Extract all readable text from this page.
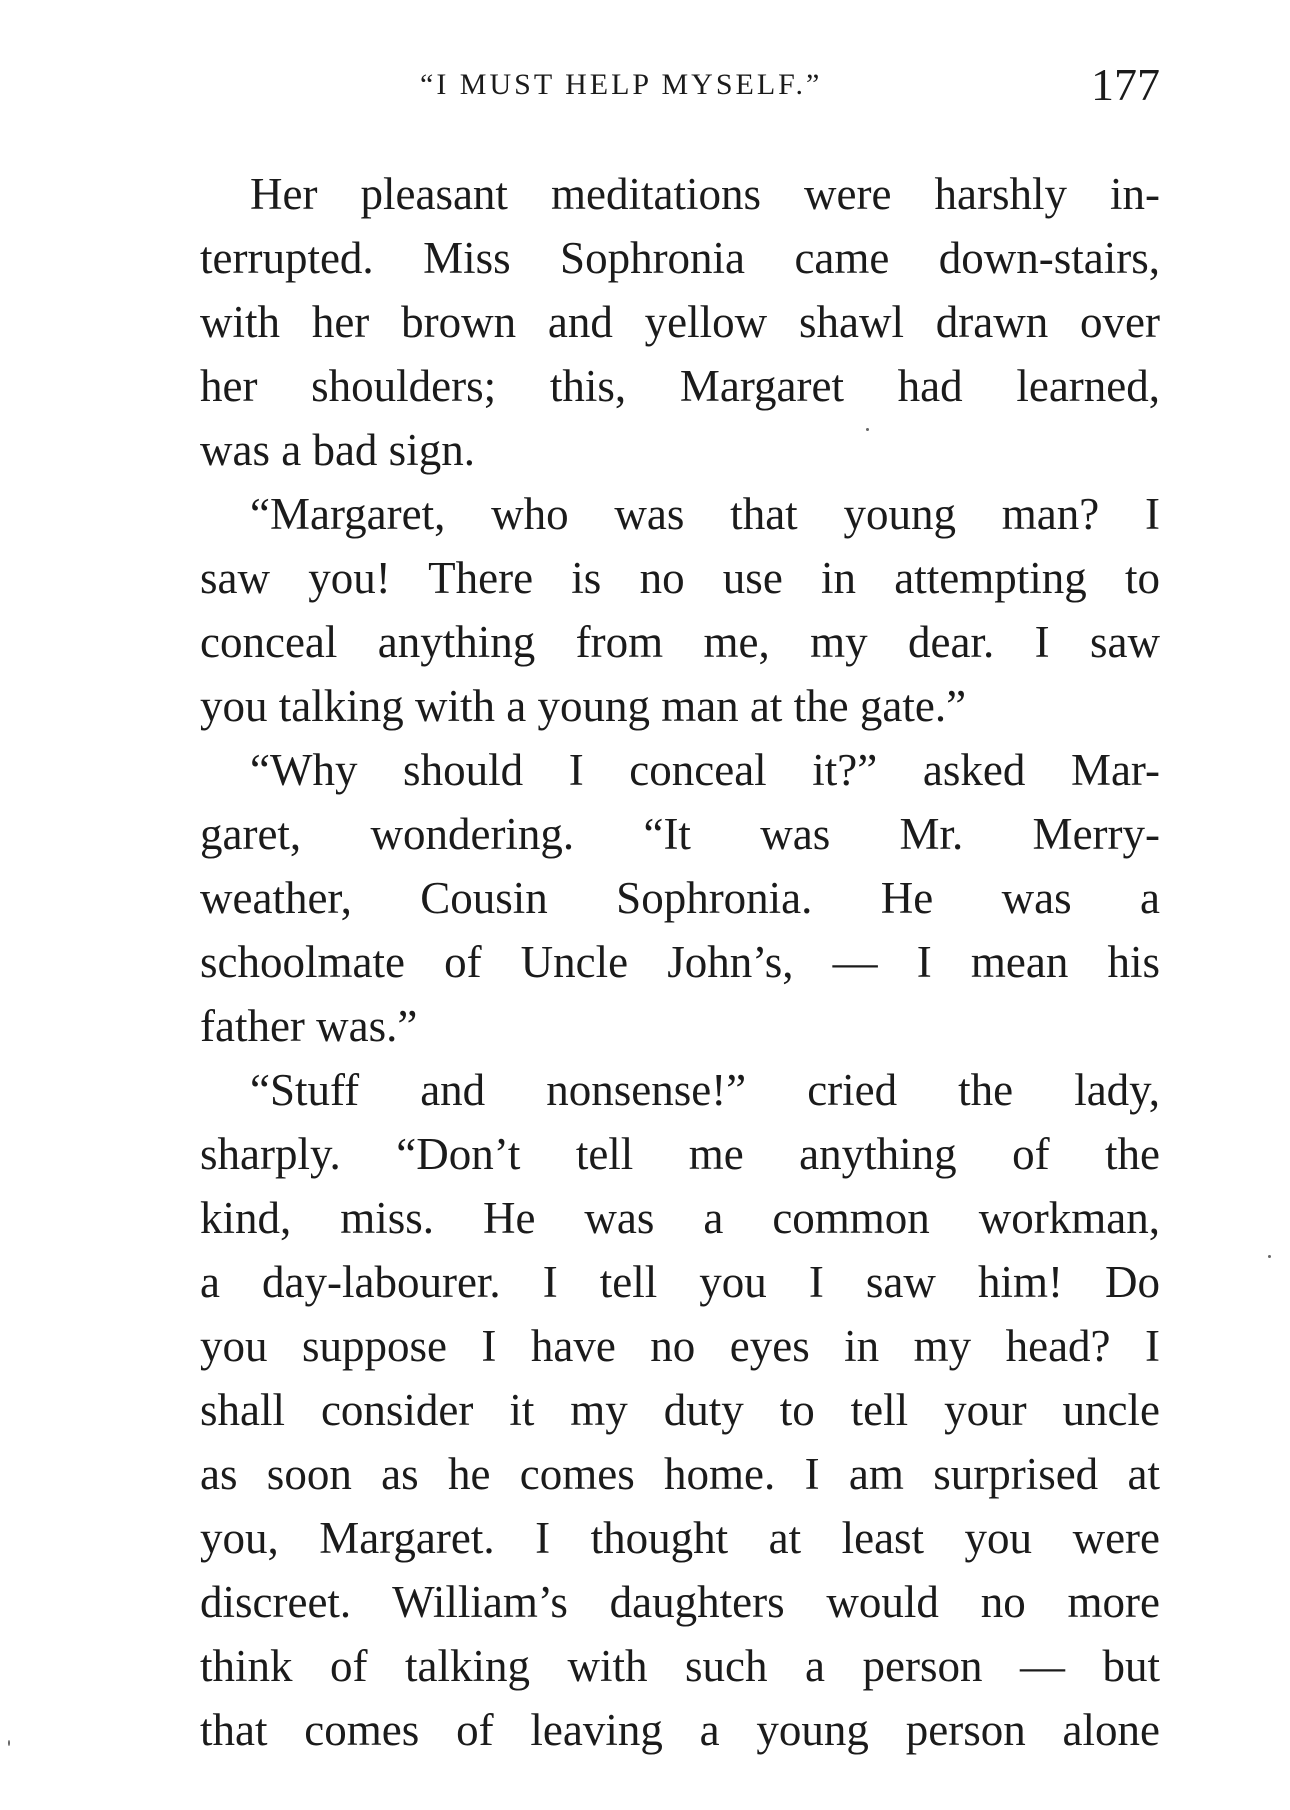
“I MUST HELP MYSELF.”	177
Her pleasant meditations were harshly in-
terrupted. Miss Sophronia came down-stairs,
with her brown and yellow shawl drawn over
her shoulders; this, Margaret had learned,
was a bad sign.
“Margaret, who was that young man? I
saw you! There is no use in attempting to
conceal anything from me, my dear. I saw
you talking with a young man at the gate.”
“Why should I conceal it?” asked Mar-
garet, wondering. “It was Mr. Merry-
weather, Cousin Sophronia. He was a
schoolmate of Uncle John’s, — I mean his
father was.”
“Stuff and nonsense!” cried the lady,
sharply. “Don’t tell me anything of the
kind, miss. He was a common workman,
a day-labourer. I tell you I saw him! Do
you suppose I have no eyes in my head? I
shall consider it my duty to tell your uncle
as soon as he comes home. I am surprised at
you, Margaret. I thought at least you were
discreet. William’s daughters would no more
think of talking with such a person — but
that comes of leaving a young person alone
